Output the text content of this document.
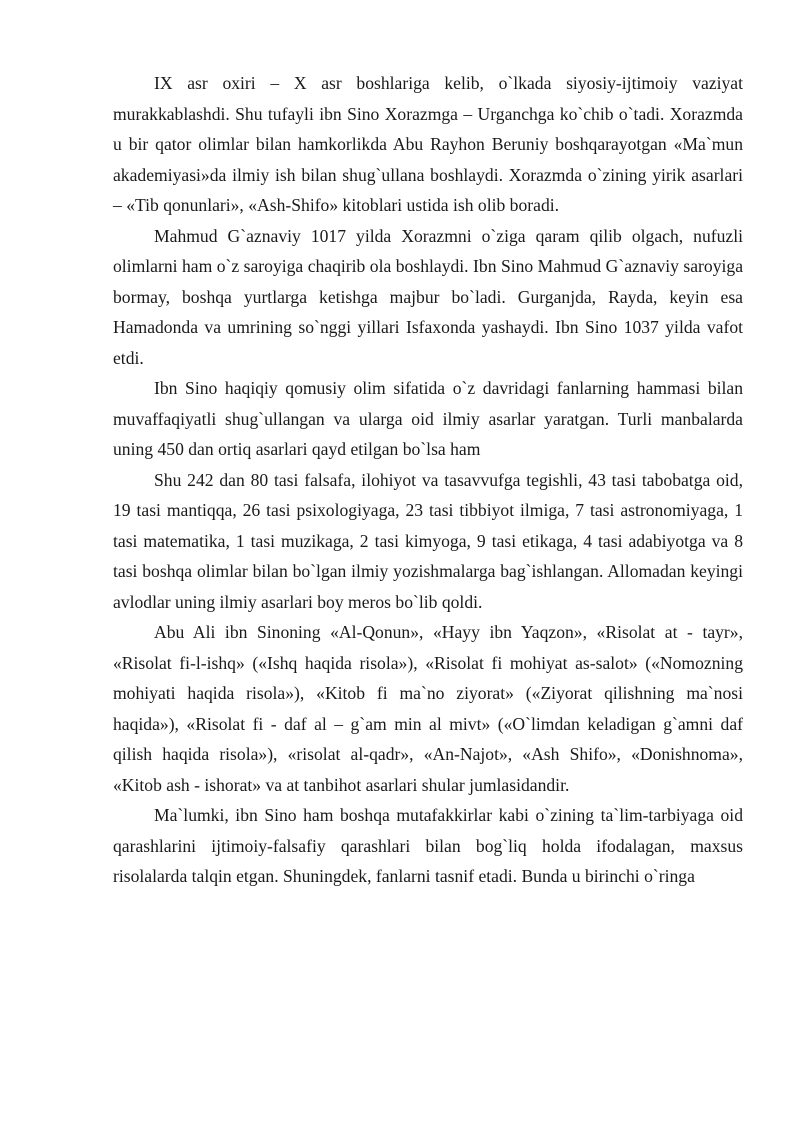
IX asr oxiri – X asr boshlariga kelib, o`lkada siyosiy-ijtimoiy vaziyat murakkablashdi. Shu tufayli ibn Sino Xorazmga – Urganchga ko`chib o`tadi. Xorazmda u bir qator olimlar bilan hamkorlikda Abu Rayhon Beruniy boshqarayotgan «Ma`mun akademiyasi»da ilmiy ish bilan shug`ullana boshlaydi. Xorazmda o`zining yirik asarlari – «Tib qonunlari», «Ash-Shifo» kitoblari ustida ish olib boradi.

Mahmud G`aznaviy 1017 yilda Xorazmni o`ziga qaram qilib olgach, nufuzli olimlarni ham o`z saroyiga chaqirib ola boshlaydi. Ibn Sino Mahmud G`aznaviy saroyiga bormay, boshqa yurtlarga ketishga majbur bo`ladi. Gurganjda, Rayda, keyin esa Hamadonda va umrining so`nggi yillari Isfaxonda yashaydi. Ibn Sino 1037 yilda vafot etdi.

Ibn Sino haqiqiy qomusiy olim sifatida o`z davridagi fanlarning hammasi bilan muvaffaqiyatli shug`ullangan va ularga oid ilmiy asarlar yaratgan. Turli manbalarda uning 450 dan ortiq asarlari qayd etilgan bo`lsa ham

Shu 242 dan 80 tasi falsafa, ilohiyot va tasavvufga tegishli, 43 tasi tabobatga oid, 19 tasi mantiqqa, 26 tasi psixologiyaga, 23 tasi tibbiyot ilmiga, 7 tasi astronomiyaga, 1 tasi matematika, 1 tasi muzikaga, 2 tasi kimyoga, 9 tasi etikaga, 4 tasi adabiyotga va 8 tasi boshqa olimlar bilan bo`lgan ilmiy yozishmalarga bag`ishlangan. Allomadan keyingi avlodlar uning ilmiy asarlari boy meros bo`lib qoldi.

Abu Ali ibn Sinoning «Al-Qonun», «Hayy ibn Yaqzon», «Risolat at - tayr», «Risolat fi-l-ishq» («Ishq haqida risola»), «Risolat fi mohiyat as-salot» («Nomozning mohiyati haqida risola»), «Kitob fi ma`no ziyorat» («Ziyorat qilishning ma`nosi haqida»), «Risolat fi - daf al – g`am min al mivt» («O`limdan keladigan g`amni daf qilish haqida risola»), «risolat al-qadr», «An-Najot», «Ash Shifo», «Donishnoma», «Kitob ash - ishorat» va at tanbihot asarlari shular jumlasidandir.

Ma`lumki, ibn Sino ham boshqa mutafakkirlar kabi o`zining ta`lim-tarbiyaga oid qarashlarini ijtimoiy-falsafiy qarashlari bilan bog`liq holda ifodalagan, maxsus risolalarda talqin etgan. Shuningdek, fanlarni tasnif etadi. Bunda u birinchi o`ringa
